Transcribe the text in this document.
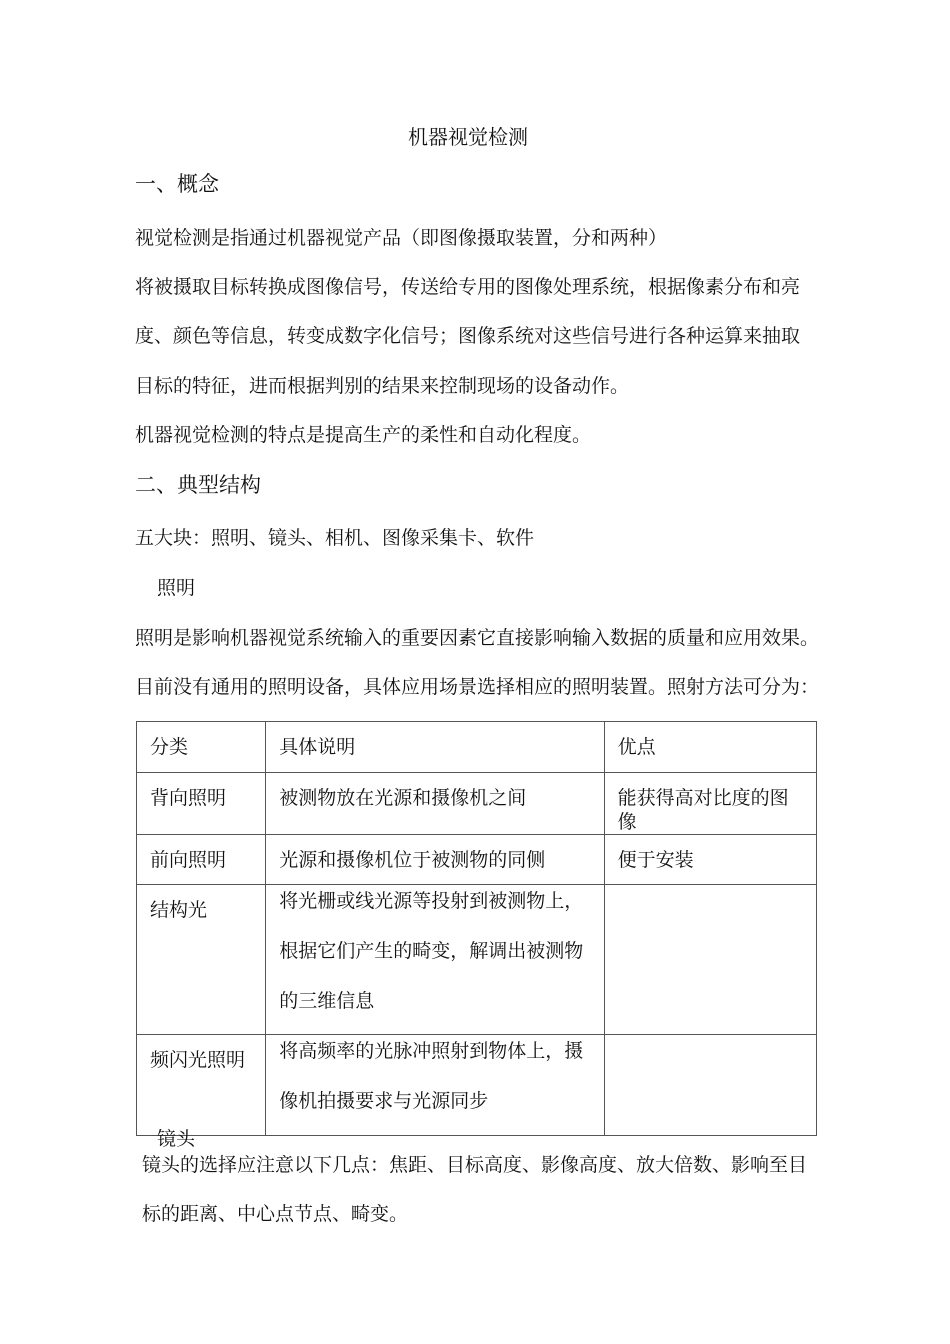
机器视觉检测
一、概念
视觉检测是指通过机器视觉产品（即图像摄取装置，分和两种）
将被摄取目标转换成图像信号，传送给专用的图像处理系统，根据像素分布和亮
度、颜色等信息，转变成数字化信号；图像系统对这些信号进行各种运算来抽取
目标的特征，进而根据判别的结果来控制现场的设备动作。
机器视觉检测的特点是提高生产的柔性和自动化程度。
二、典型结构
五大块：照明、镜头、相机、图像采集卡、软件
照明
照明是影响机器视觉系统输入的重要因素它直接影响输入数据的质量和应用效果。
目前没有通用的照明设备，具体应用场景选择相应的照明装置。照射方法可分为：
分类	具体说明	优点

背向照明	被测物放在光源和摄像机之间	能获得高对比度的图像

前向照明	光源和摄像机位于被测物的同侧	便于安装

结构光	将光栅或线光源等投射到被测物上，
根据它们产生的畸变，解调出被测物
的三维信息	

频闪光照明	将高频率的光脉冲照射到物体上，摄
像机拍摄要求与光源同步	

镜头
镜头的选择应注意以下几点：焦距、目标高度、影像高度、放大倍数、影响至目
标的距离、中心点节点、畸变。
